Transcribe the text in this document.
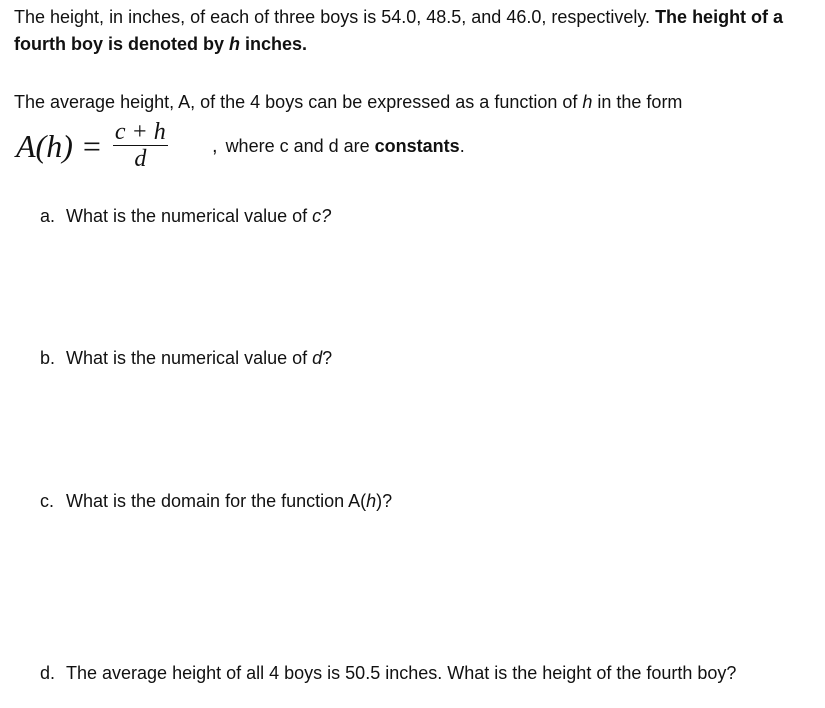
The height, in inches, of each of three boys is 54.0, 48.5, and 46.0, respectively. The height of a fourth boy is denoted by h inches.

The average height, A, of the 4 boys can be expressed as a function of h in the form

$A(h) = \frac{c + h}{d}$ , where c and d are constants.

a. What is the numerical value of c?

b. What is the numerical value of d?

c. What is the domain for the function A(h)?

d. The average height of all 4 boys is 50.5 inches. What is the height of the fourth boy?
